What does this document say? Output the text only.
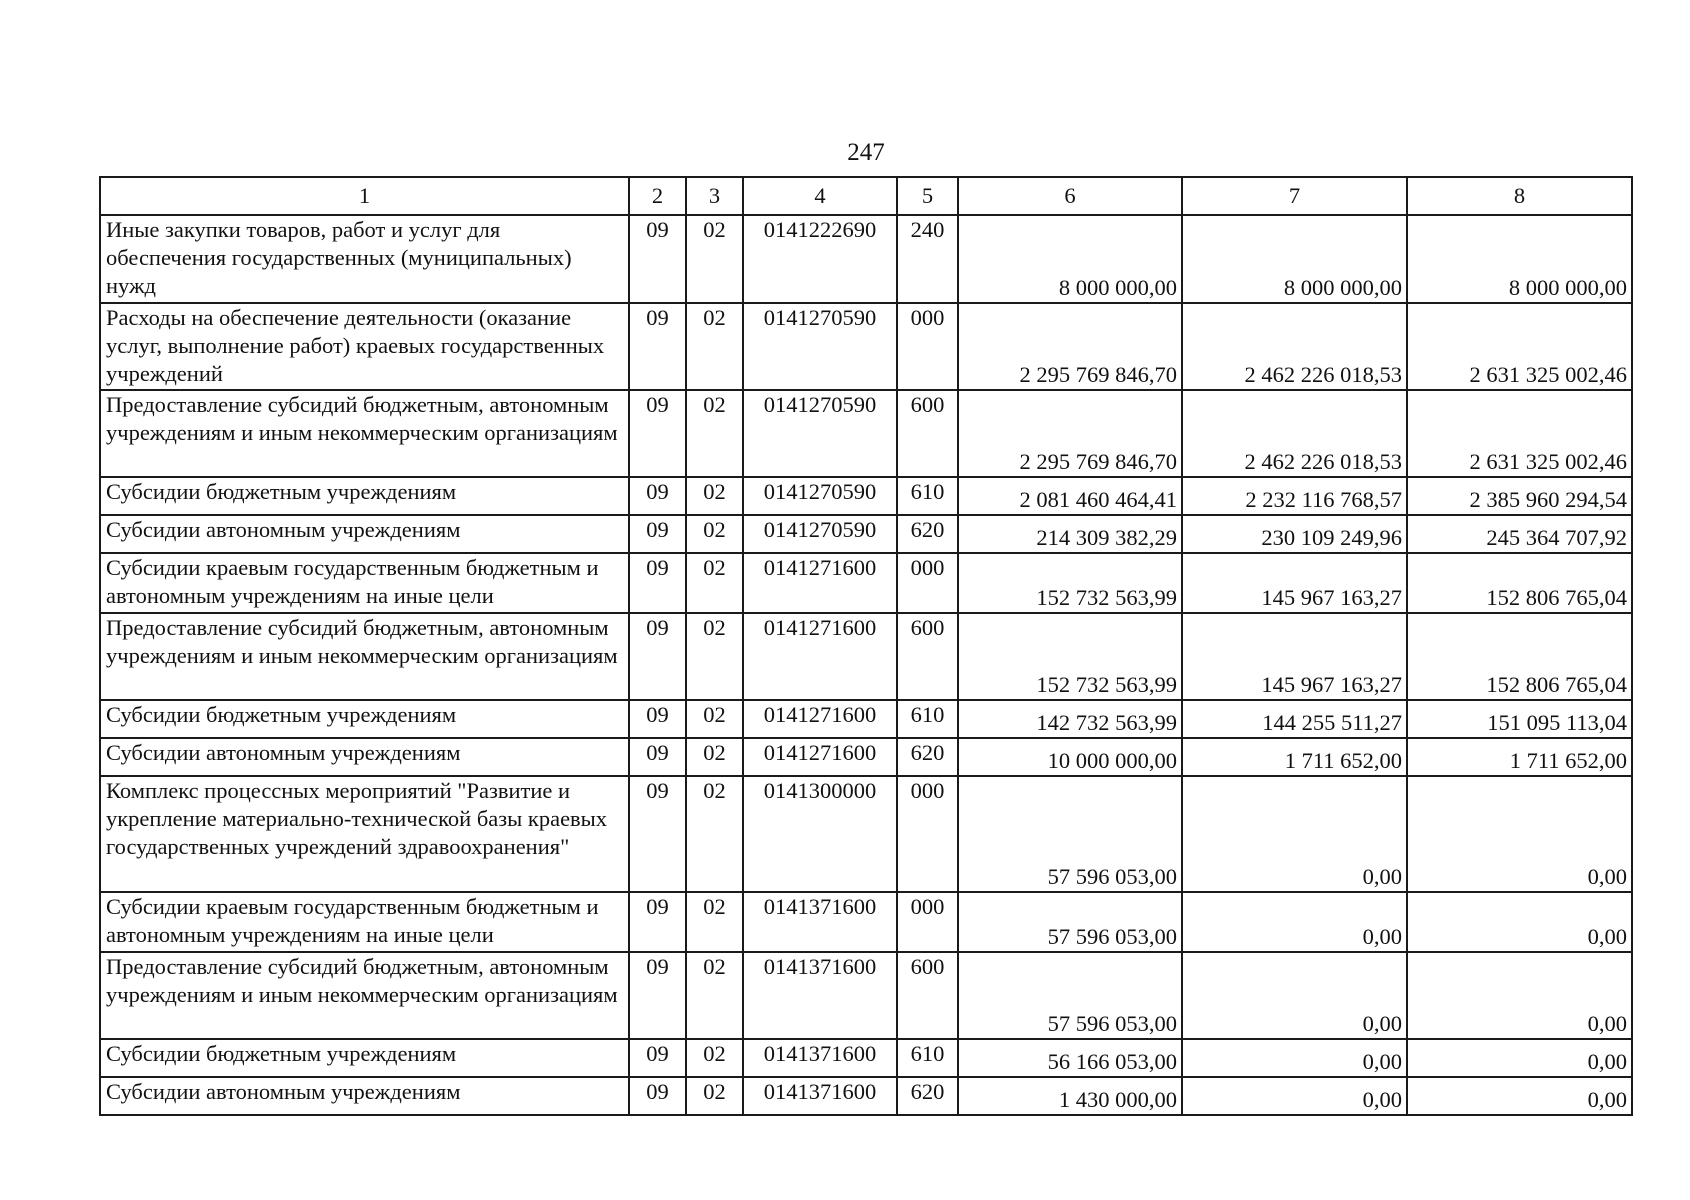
247
1	2	3	4	5	6	7	8
Иные закупки товаров, работ и услуг для обеспечения государственных (муниципальных) нужд	09	02	0141222690	240	8 000 000,00	8 000 000,00	8 000 000,00
Расходы на обеспечение деятельности (оказание услуг, выполнение работ) краевых государственных учреждений	09	02	0141270590	000	2 295 769 846,70	2 462 226 018,53	2 631 325 002,46
Предоставление субсидий бюджетным, автономным учреждениям и иным некоммерческим организациям	09	02	0141270590	600	2 295 769 846,70	2 462 226 018,53	2 631 325 002,46
Субсидии бюджетным учреждениям	09	02	0141270590	610	2 081 460 464,41	2 232 116 768,57	2 385 960 294,54
Субсидии автономным учреждениям	09	02	0141270590	620	214 309 382,29	230 109 249,96	245 364 707,92
Субсидии краевым государственным бюджетным и автономным учреждениям на иные цели	09	02	0141271600	000	152 732 563,99	145 967 163,27	152 806 765,04
Предоставление субсидий бюджетным, автономным учреждениям и иным некоммерческим организациям	09	02	0141271600	600	152 732 563,99	145 967 163,27	152 806 765,04
Субсидии бюджетным учреждениям	09	02	0141271600	610	142 732 563,99	144 255 511,27	151 095 113,04
Субсидии автономным учреждениям	09	02	0141271600	620	10 000 000,00	1 711 652,00	1 711 652,00
Комплекс процессных мероприятий "Развитие и укрепление материально-технической базы краевых государственных учреждений здравоохранения"	09	02	0141300000	000	57 596 053,00	0,00	0,00
Субсидии краевым государственным бюджетным и автономным учреждениям на иные цели	09	02	0141371600	000	57 596 053,00	0,00	0,00
Предоставление субсидий бюджетным, автономным учреждениям и иным некоммерческим организациям	09	02	0141371600	600	57 596 053,00	0,00	0,00
Субсидии бюджетным учреждениям	09	02	0141371600	610	56 166 053,00	0,00	0,00
Субсидии автономным учреждениям	09	02	0141371600	620	1 430 000,00	0,00	0,00
